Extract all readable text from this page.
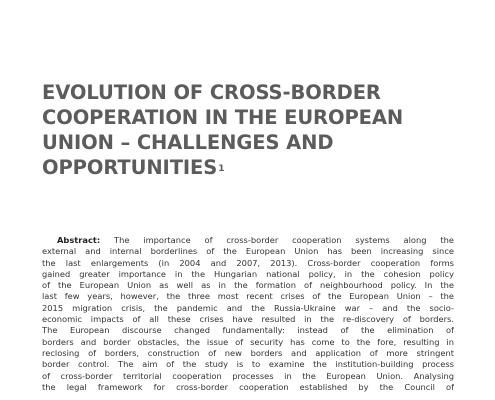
EVOLUTION OF CROSS-BORDER
COOPERATION IN THE EUROPEAN
UNION – CHALLENGES AND
OPPORTUNITIES$^1$
Abstract: The importance of cross-border cooperation systems along the
external and internal borderlines of the European Union has been increasing since
the last enlargements (in 2004 and 2007, 2013). Cross-border cooperation forms
gained greater importance in the Hungarian national policy, in the cohesion policy
of the European Union as well as in the formation of neighbourhood policy. In the
last few years, however, the three most recent crises of the European Union – the
2015 migration crisis, the pandemic and the Russia-Ukraine war – and the socio-
economic impacts of all these crises have resulted in the re-discovery of borders.
The European discourse changed fundamentally: instead of the elimination of
borders and border obstacles, the issue of security has come to the fore, resulting in
reclosing of borders, construction of new borders and application of more stringent
border control. The aim of the study is to examine the institution-building process
of cross-border territorial cooperation processes in the European Union. Analysing
the legal framework for cross-border cooperation established by the Council of
